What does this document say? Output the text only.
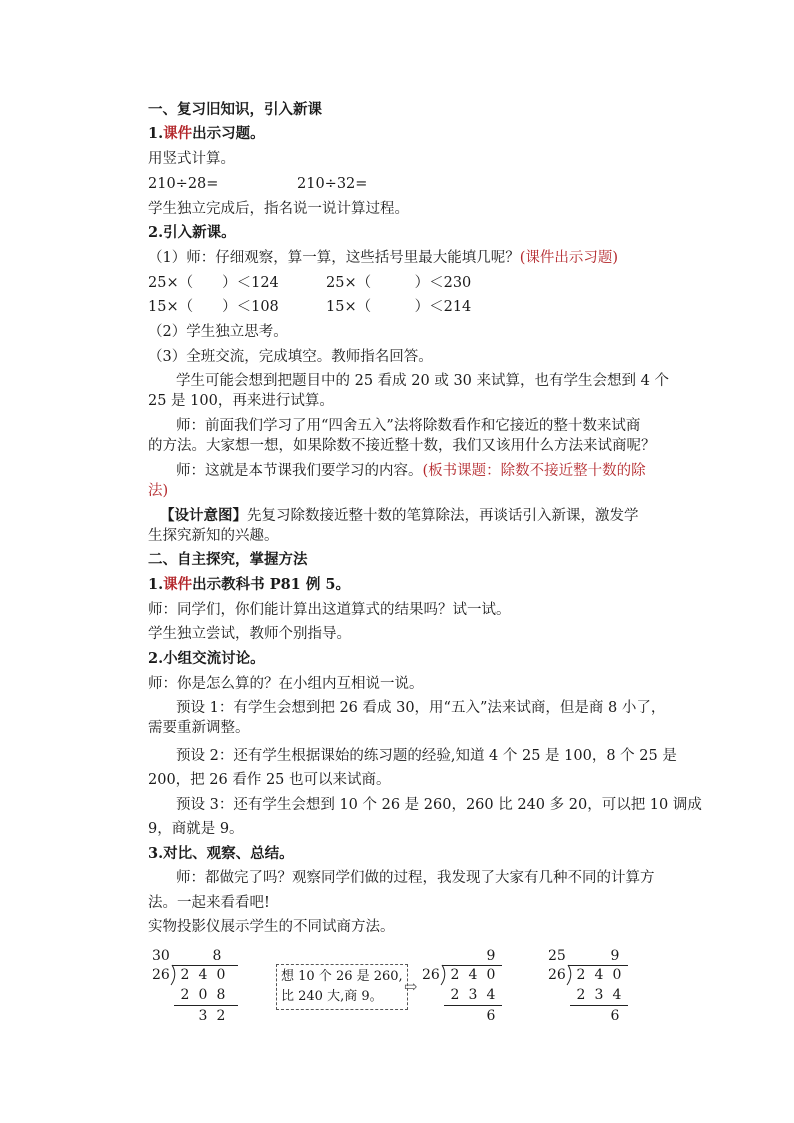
一、复习旧知识，引入新课
1.课件出示习题。
用竖式计算。
210÷28=	210÷32=
学生独立完成后，指名说一说计算过程。
2.引入新课。
（1）师：仔细观察，算一算，这些括号里最大能填几呢？(课件出示习题)
25×（　　）＜124	25×（　　　）＜230
15×（　　）＜108	15×（　　　）＜214
（2）学生独立思考。
（3）全班交流，完成填空。教师指名回答。
学生可能会想到把题目中的 25 看成 20 或 30 来试算，也有学生会想到 4 个
25 是 100，再来进行试算。
师：前面我们学习了用“四舍五入”法将除数看作和它接近的整十数来试商
的方法。大家想一想，如果除数不接近整十数，我们又该用什么方法来试商呢？
师：这就是本节课我们要学习的内容。(板书课题：除数不接近整十数的除
法)
【设计意图】先复习除数接近整十数的笔算除法，再谈话引入新课，激发学
生探究新知的兴趣。
二、自主探究，掌握方法
1.课件出示教科书 P81 例 5。
师：同学们，你们能计算出这道算式的结果吗？试一试。
学生独立尝试，教师个别指导。
2.小组交流讨论。
师：你是怎么算的？在小组内互相说一说。
预设 1：有学生会想到把 26 看成 30，用“五入”法来试商，但是商 8 小了，
需要重新调整。
预设 2：还有学生根据课始的练习题的经验,知道 4 个 25 是 100，8 个 25 是
200，把 26 看作 25 也可以来试商。
预设 3：还有学生会想到 10 个 26 是 260，260 比 240 多 20，可以把 10 调成
9，商就是 9。
3.对比、观察、总结。
师：都做完了吗？观察同学们做的过程，我发现了大家有几种不同的计算方
法。一起来看看吧!
实物投影仪展示学生的不同试商方法。
30	8
26 2 4 0
2 0 8
3 2
想 10 个 26 是 260,
比 240 大,商 9。
⇨
9
26 2 4 0
2 3 4
6
25	9
26 2 4 0
2 3 4
6
